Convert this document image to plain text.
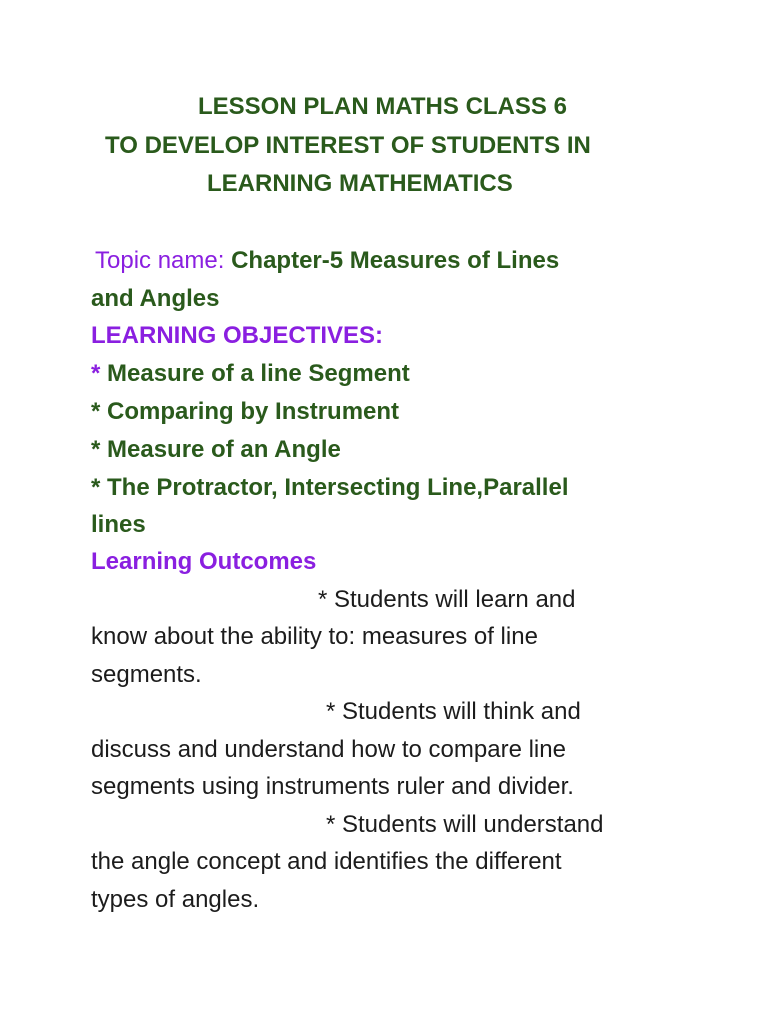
LESSON PLAN MATHS CLASS 6
TO DEVELOP INTEREST OF STUDENTS IN
LEARNING MATHEMATICS
Topic name: Chapter-5 Measures of Lines
and Angles
LEARNING OBJECTIVES:
* Measure of a line Segment
* Comparing by Instrument
* Measure of an Angle
* The Protractor, Intersecting Line,Parallel
lines
Learning Outcomes
* Students will learn and
know about the ability to: measures of line
segments.
* Students will think and
discuss and understand how to compare line
segments using instruments ruler and divider.
* Students will understand
the angle concept and identifies the different
types of angles.
